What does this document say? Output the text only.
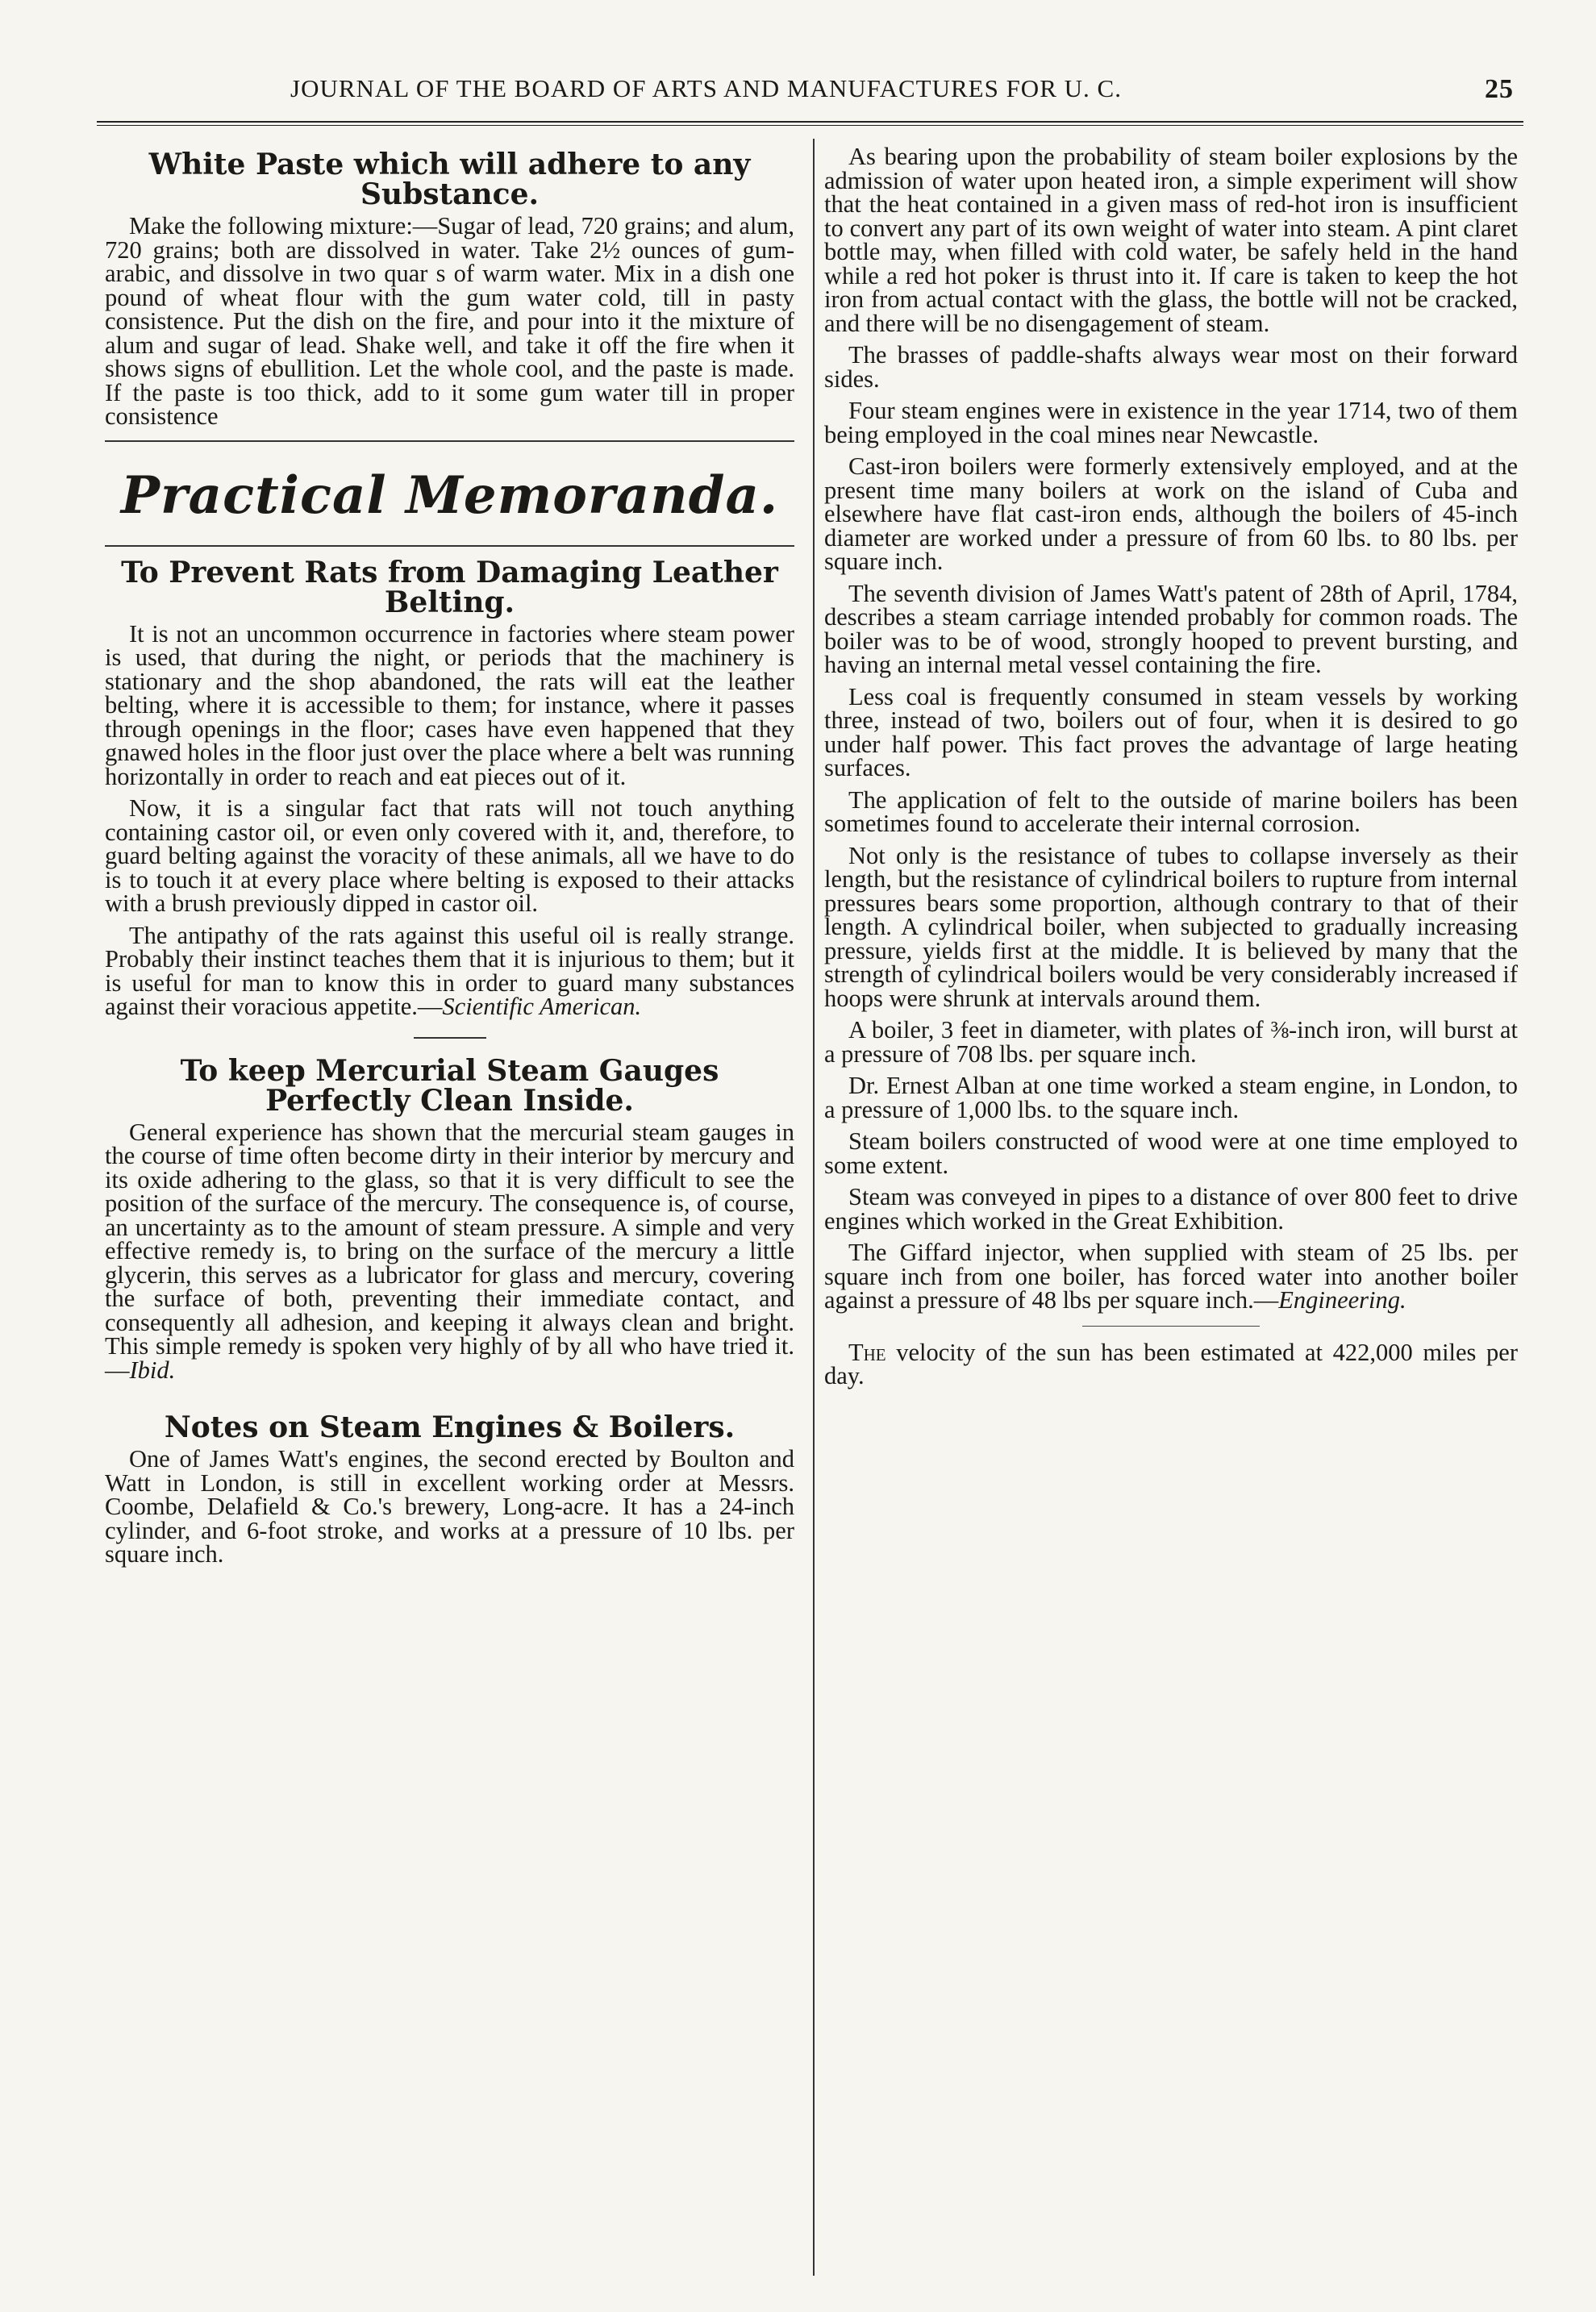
JOURNAL OF THE BOARD OF ARTS AND MANUFACTURES FOR U. C.	25
White Paste which will adhere to any Substance.

Make the following mixture:—Sugar of lead, 720 grains; and alum, 720 grains; both are dissolved in water. Take 2½ ounces of gum-arabic, and dissolve in two quar s of warm water. Mix in a dish one pound of wheat flour with the gum water cold, till in pasty consistence. Put the dish on the fire, and pour into it the mixture of alum and sugar of lead. Shake well, and take it off the fire when it shows signs of ebullition. Let the whole cool, and the paste is made. If the paste is too thick, add to it some gum water till in proper consistence

Practical Memoranda.
To Prevent Rats from Damaging Leather Belting.

It is not an uncommon occurrence in factories where steam power is used, that during the night, or periods that the machinery is stationary and the shop abandoned, the rats will eat the leather belting, where it is accessible to them; for instance, where it passes through openings in the floor; cases have even happened that they gnawed holes in the floor just over the place where a belt was running horizontally in order to reach and eat pieces out of it.

Now, it is a singular fact that rats will not touch anything containing castor oil, or even only covered with it, and, therefore, to guard belting against the voracity of these animals, all we have to do is to touch it at every place where belting is exposed to their attacks with a brush previously dipped in castor oil.

The antipathy of the rats against this useful oil is really strange. Probably their instinct teaches them that it is injurious to them; but it is useful for man to know this in order to guard many substances against their voracious appetite.—Scientific American.

To keep Mercurial Steam Gauges Perfectly Clean Inside.

General experience has shown that the mercurial steam gauges in the course of time often become dirty in their interior by mercury and its oxide adhering to the glass, so that it is very difficult to see the position of the surface of the mercury. The consequence is, of course, an uncertainty as to the amount of steam pressure. A simple and very effective remedy is, to bring on the surface of the mercury a little glycerin, this serves as a lubricator for glass and mercury, covering the surface of both, preventing their immediate contact, and consequently all adhesion, and keeping it always clean and bright. This simple remedy is spoken very highly of by all who have tried it.—Ibid.

Notes on Steam Engines & Boilers.

One of James Watt's engines, the second erected by Boulton and Watt in London, is still in excellent working order at Messrs. Coombe, Delafield & Co.'s brewery, Long-acre. It has a 24-inch cylinder, and 6-foot stroke, and works at a pressure of 10 lbs. per square inch.

As bearing upon the probability of steam boiler explosions by the admission of water upon heated iron, a simple experiment will show that the heat contained in a given mass of red-hot iron is insufficient to convert any part of its own weight of water into steam. A pint claret bottle may, when filled with cold water, be safely held in the hand while a red hot poker is thrust into it. If care is taken to keep the hot iron from actual contact with the glass, the bottle will not be cracked, and there will be no disengagement of steam.

The brasses of paddle-shafts always wear most on their forward sides.

Four steam engines were in existence in the year 1714, two of them being employed in the coal mines near Newcastle.

Cast-iron boilers were formerly extensively employed, and at the present time many boilers at work on the island of Cuba and elsewhere have flat cast-iron ends, although the boilers of 45-inch diameter are worked under a pressure of from 60 lbs. to 80 lbs. per square inch.

The seventh division of James Watt's patent of 28th of April, 1784, describes a steam carriage intended probably for common roads. The boiler was to be of wood, strongly hooped to prevent bursting, and having an internal metal vessel containing the fire.

Less coal is frequently consumed in steam vessels by working three, instead of two, boilers out of four, when it is desired to go under half power. This fact proves the advantage of large heating surfaces.

The application of felt to the outside of marine boilers has been sometimes found to accelerate their internal corrosion.

Not only is the resistance of tubes to collapse inversely as their length, but the resistance of cylindrical boilers to rupture from internal pressures bears some proportion, although contrary to that of their length. A cylindrical boiler, when subjected to gradually increasing pressure, yields first at the middle. It is believed by many that the strength of cylindrical boilers would be very considerably increased if hoops were shrunk at intervals around them.

A boiler, 3 feet in diameter, with plates of ⅜-inch iron, will burst at a pressure of 708 lbs. per square inch.

Dr. Ernest Alban at one time worked a steam engine, in London, to a pressure of 1,000 lbs. to the square inch.

Steam boilers constructed of wood were at one time employed to some extent.

Steam was conveyed in pipes to a distance of over 800 feet to drive engines which worked in the Great Exhibition.

The Giffard injector, when supplied with steam of 25 lbs. per square inch from one boiler, has forced water into another boiler against a pressure of 48 lbs per square inch.—Engineering.

The velocity of the sun has been estimated at 422,000 miles per day.
